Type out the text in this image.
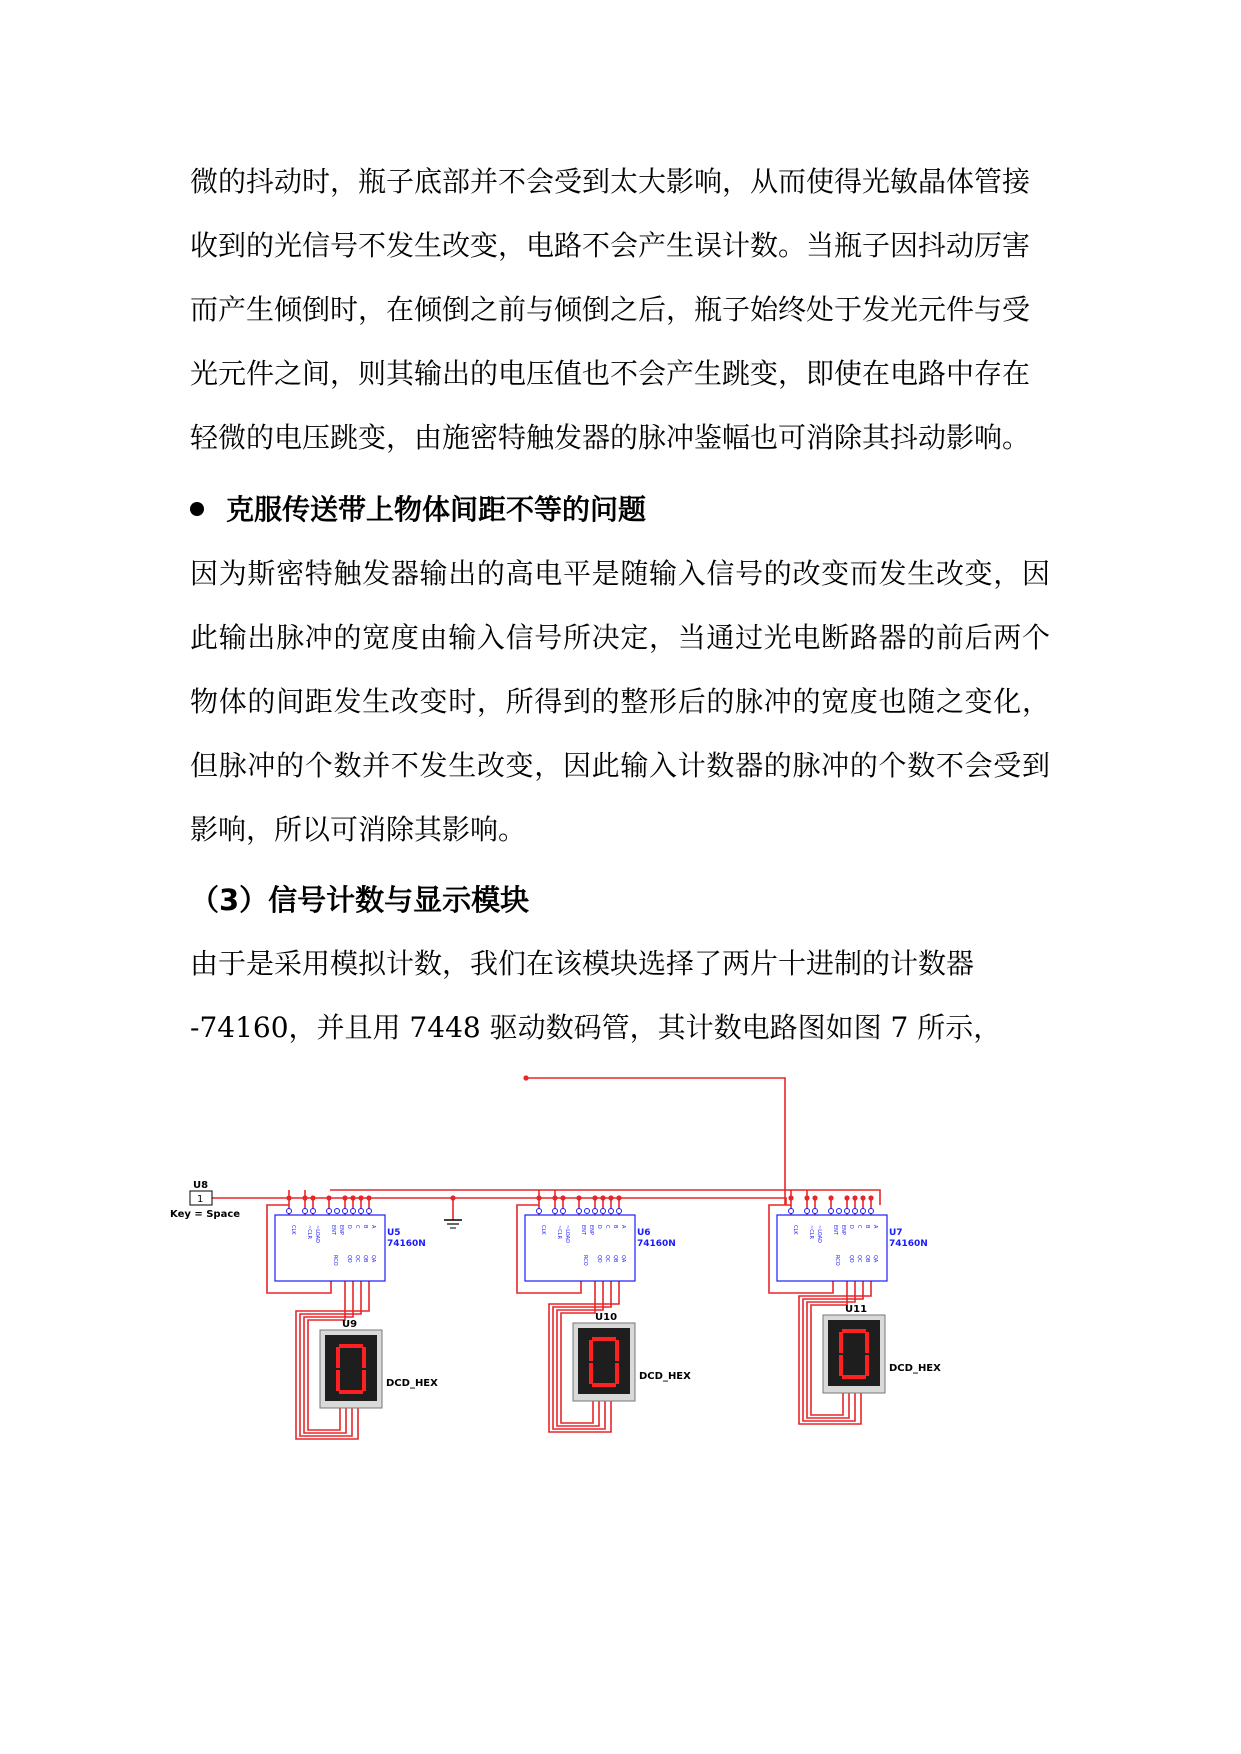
微的抖动时，瓶子底部并不会受到太大影响，从而使得光敏晶体管接

收到的光信号不发生改变，电路不会产生误计数。当瓶子因抖动厉害

而产生倾倒时，在倾倒之前与倾倒之后，瓶子始终处于发光元件与受

光元件之间，则其输出的电压值也不会产生跳变，即使在电路中存在

轻微的电压跳变，由施密特触发器的脉冲鉴幅也可消除其抖动影响。

克服传送带上物体间距不等的问题

因为斯密特触发器输出的高电平是随输入信号的改变而发生改变，因

此输出脉冲的宽度由输入信号所决定，当通过光电断路器的前后两个

物体的间距发生改变时，所得到的整形后的脉冲的宽度也随之变化，

但脉冲的个数并不发生改变，因此输入计数器的脉冲的个数不会受到

影响，所以可消除其影响。

（3）信号计数与显示模块

由于是采用模拟计数，我们在该模块选择了两片十进制的计数器

-74160，并且用 7448 驱动数码管，其计数电路图如图 7 所示，

U8
1
Key = Space
CLK ~CLR ~LOAD ENT ENP D C B A
RCO QD QC QB QA
U5
74160N
U9
DCD_HEX
CLK ~CLR ~LOAD ENT ENP D C B A
RCO QD QC QB QA
U6
74160N
U10
DCD_HEX
CLK ~CLR ~LOAD ENT ENP D C B A
RCO QD QC QB QA
U7
74160N
U11
DCD_HEX
